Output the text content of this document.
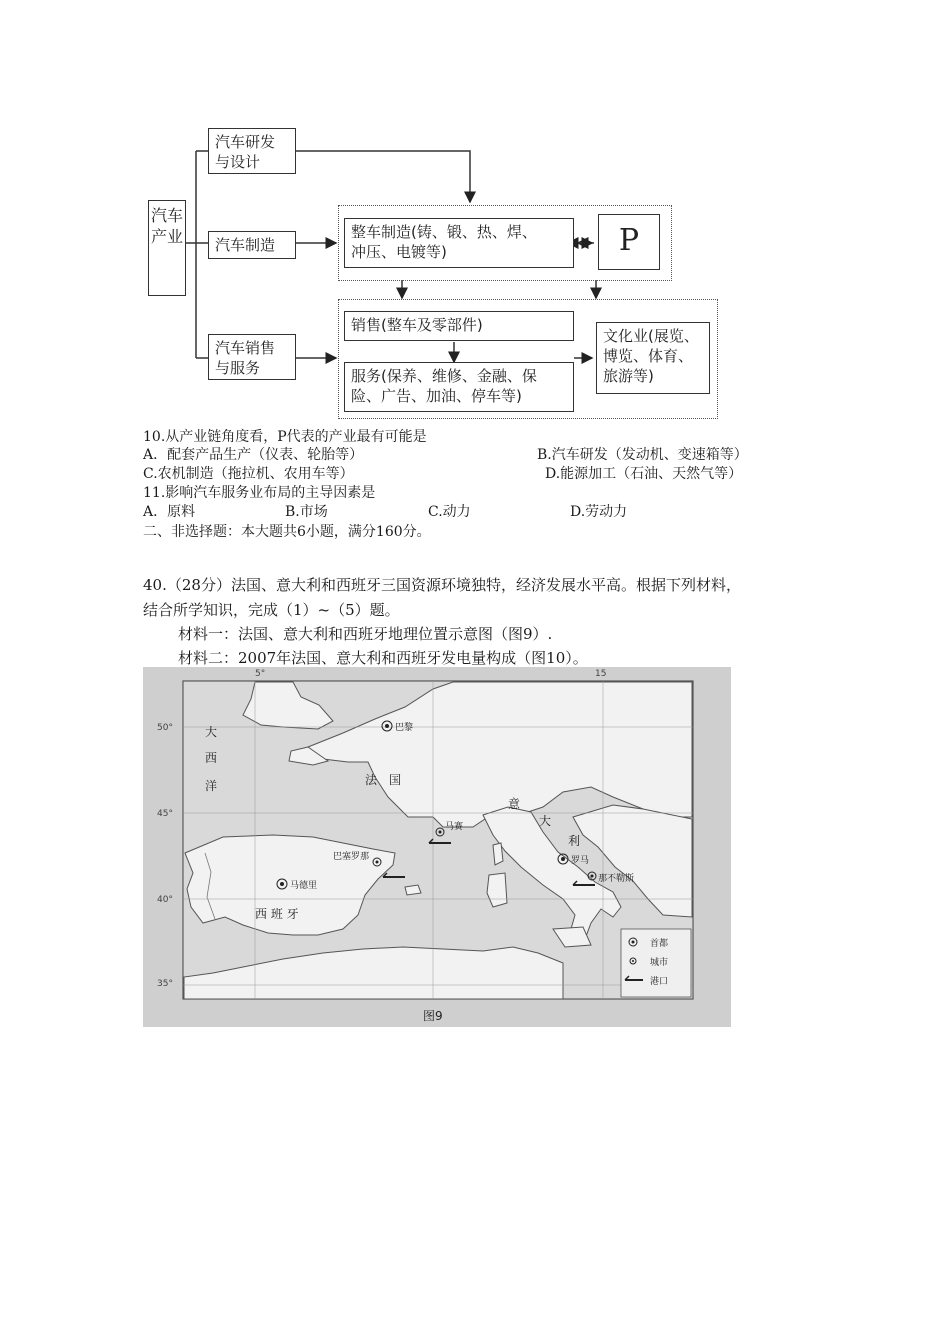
汽车产业
汽车研发
与设计
汽车制造
汽车销售
与服务
整车制造(铸、锻、热、焊、
冲压、电镀等)	P
销售(整车及零部件)
服务(保养、维修、金融、保
险、广告、加油、停车等)
文化业(展览、
博览、体育、
旅游等)
10.从产业链角度看，P代表的产业最有可能是
A．配套产品生产（仪表、轮胎等）	B.汽车研发（发动机、变速箱等）
C.农机制造（拖拉机、农用车等）	D.能源加工（石油、天然气等）
11.影响汽车服务业布局的主导因素是
A．原料	B.市场	C.动力	D.劳动力
二、非选择题：本大题共6小题，满分160分。
40.（28分）法国、意大利和西班牙三国资源环境独特，经济发展水平高。根据下列材料，
结合所学知识，完成（1）~（5）题。
材料一：法国、意大利和西班牙地理位置示意图（图9）.
材料二：2007年法国、意大利和西班牙发电量构成（图10）。
50°
45°
40°
35°
5°	15
大
西
洋	法　国
意
大
利
西 班 牙
巴黎
马赛
巴塞罗那
马德里
罗马
那不勒斯
首都
城市
港口
图9
